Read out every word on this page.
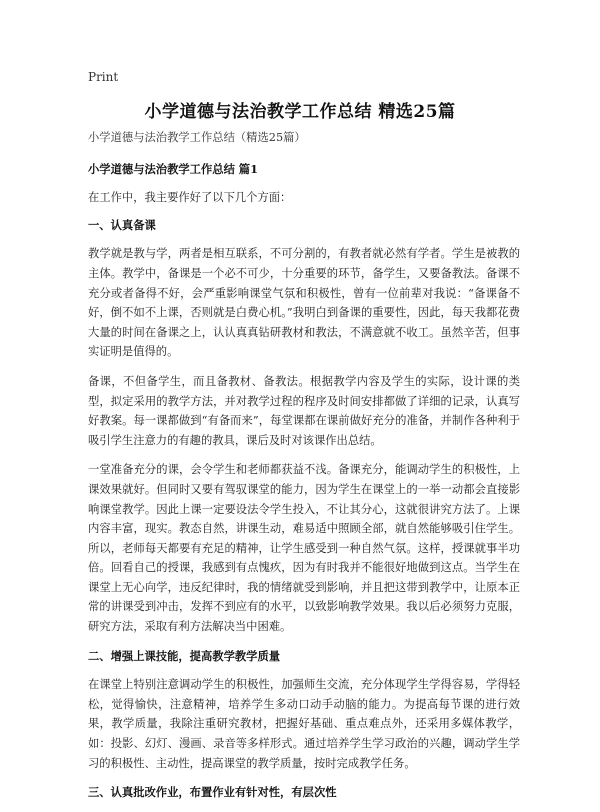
Print
小学道德与法治教学工作总结 精选25篇

小学道德与法治教学工作总结（精选25篇）

小学道德与法治教学工作总结 篇1

在工作中，我主要作好了以下几个方面：

一、认真备课

教学就是教与学，两者是相互联系，不可分割的，有教者就必然有学者。学生是被教的主体。教学中，备课是一个必不可少，十分重要的环节，备学生，又要备教法。备课不充分或者备得不好，会严重影响课堂气氛和积极性，曾有一位前辈对我说：“备课备不好，倒不如不上课，否则就是白费心机。”我明白到备课的重要性，因此，每天我都花费大量的时间在备课之上，认认真真钻研教材和教法，不满意就不收工。虽然辛苦，但事实证明是值得的。

备课，不但备学生，而且备教材、备教法。根据教学内容及学生的实际，设计课的类型，拟定采用的教学方法，并对教学过程的程序及时间安排都做了详细的记录，认真写好教案。每一课都做到“有备而来”，每堂课都在课前做好充分的准备，并制作各种利于吸引学生注意力的有趣的教具，课后及时对该课作出总结。

一堂准备充分的课，会令学生和老师都获益不浅。备课充分，能调动学生的积极性，上课效果就好。但同时又要有驾驭课堂的能力，因为学生在课堂上的一举一动都会直接影响课堂教学。因此上课一定要设法令学生投入，不让其分心，这就很讲究方法了。上课内容丰富，现实。教态自然，讲课生动，难易适中照顾全部，就自然能够吸引住学生。所以，老师每天都要有充足的精神，让学生感受到一种自然气氛。这样，授课就事半功倍。回看自己的授课，我感到有点愧疚，因为有时我并不能很好地做到这点。当学生在课堂上无心向学，违反纪律时，我的情绪就受到影响，并且把这带到教学中，让原本正常的讲课受到冲击，发挥不到应有的水平，以致影响教学效果。我以后必须努力克服，研究方法，采取有利方法解决当中困难。

二、增强上课技能，提高教学教学质量

在课堂上特别注意调动学生的积极性，加强师生交流，充分体现学生学得容易，学得轻松，觉得愉快，注意精神，培养学生多动口动手动脑的能力。为提高每节课的进行效果，教学质量，我除注重研究教材，把握好基础、重点难点外，还采用多媒体教学，如：投影、幻灯、漫画、录音等多样形式。通过培养学生学习政治的兴趣，调动学生学习的积极性、主动性，提高课堂的教学质量，按时完成教学任务。

三、认真批改作业，布置作业有针对性，有层次性
